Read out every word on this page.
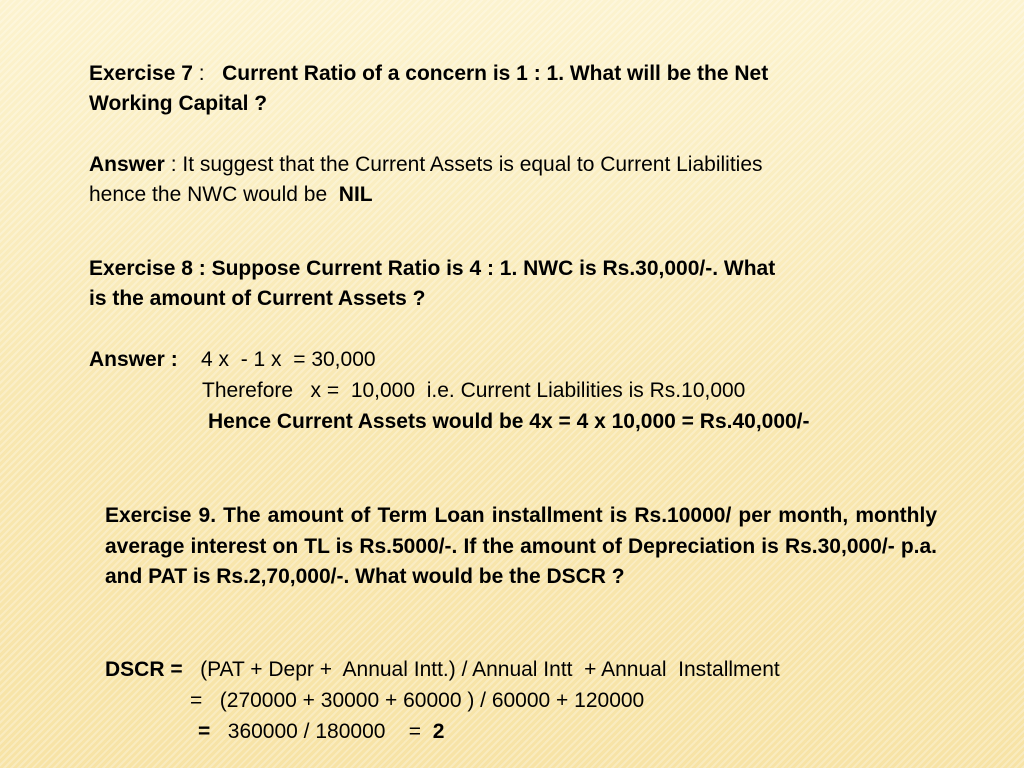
Exercise 7 :   Current Ratio of a concern is 1 : 1. What will be the Net

Working Capital ?

Answer : It suggest that the Current Assets is equal to Current Liabilities

hence the NWC would be  NIL

Exercise 8 : Suppose Current Ratio is 4 : 1. NWC is Rs.30,000/-. What

is the amount of Current Assets ?

Answer :    4 x  - 1 x  = 30,000

Therefore   x =  10,000  i.e. Current Liabilities is Rs.10,000

Hence Current Assets would be 4x = 4 x 10,000 = Rs.40,000/-

Exercise 9. The amount of Term Loan installment is Rs.10000/ per month, monthly average interest on TL is Rs.5000/-. If the amount of Depreciation is Rs.30,000/- p.a. and PAT is Rs.2,70,000/-. What would be the DSCR ?

DSCR =   (PAT + Depr +  Annual Intt.) / Annual Intt  + Annual  Installment

=   (270000 + 30000 + 60000 ) / 60000 + 120000

=   360000 / 180000    =  2
